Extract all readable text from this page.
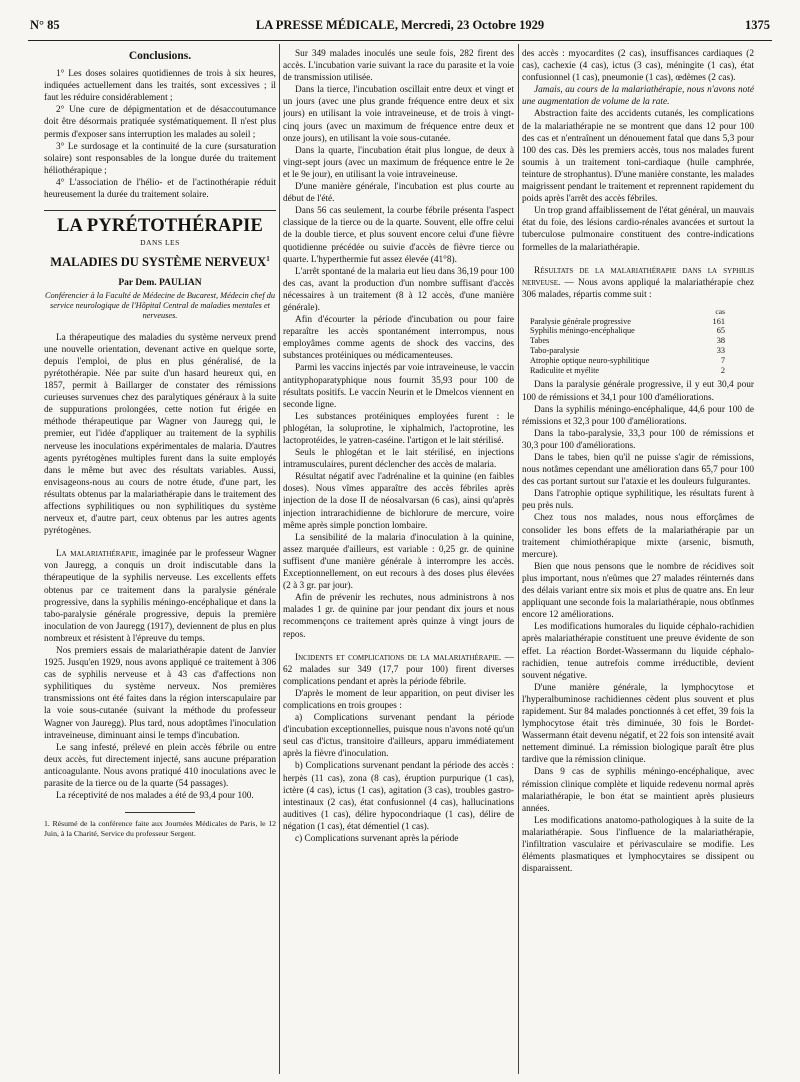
N° 85	LA PRESSE MÉDICALE, Mercredi, 23 Octobre 1929	1375
Conclusions.

1° Les doses solaires quotidiennes de trois à six heures, indiquées actuellement dans les traités, sont excessives ; il faut les réduire considérablement ;

2° Une cure de dépigmentation et de désaccoutumance doit être désormais pratiquée systématiquement. Il n'est plus permis d'exposer sans interruption les malades au soleil ;

3° Le surdosage et la continuité de la cure (sursaturation solaire) sont responsables de la longue durée du traitement héliothérapique ;

4° L'association de l'hélio- et de l'actinothérapie réduit heureusement la durée du traitement solaire.

LA PYRÉTOTHÉRAPIE
DANS LES
MALADIES DU SYSTÈME NERVEUX$^1$
Par Dem. PAULIAN
Conférencier à la Faculté de Médecine de Bucarest, Médecin chef du service neurologique de l'Hôpital Central de maladies mentales et nerveuses.

La thérapeutique des maladies du système nerveux prend une nouvelle orientation, devenant active en quelque sorte, depuis l'emploi, de plus en plus généralisé, de la pyrétothérapie. Née par suite d'un hasard heureux qui, en 1857, permit à Baillarger de constater des rémissions curieuses survenues chez des paralytiques généraux à la suite de suppurations prolongées, cette notion fut érigée en méthode thérapeutique par Wagner von Jauregg qui, le premier, eut l'idée d'appliquer au traitement de la syphilis nerveuse les inoculations expérimentales de malaria. D'autres agents pyrétogènes multiples furent dans la suite employés dans le même but avec des résultats variables. Aussi, envisageons-nous au cours de notre étude, d'une part, les résultats obtenus par la malariathérapie dans le traitement des affections syphilitiques ou non syphilitiques du système nerveux et, d'autre part, ceux obtenus par les autres agents pyrétogènes.

La malariathérapie, imaginée par le professeur Wagner von Jauregg, a conquis un droit indiscutable dans la thérapeutique de la syphilis nerveuse. Les excellents effets obtenus par ce traitement dans la paralysie générale progressive, dans la syphilis méningo-encéphalique et dans la tabo-paralysie générale progressive, depuis la première inoculation de von Jauregg (1917), deviennent de plus en plus nombreux et résistent à l'épreuve du temps.

Nos premiers essais de malariathérapie datent de Janvier 1925. Jusqu'en 1929, nous avons appliqué ce traitement à 306 cas de syphilis nerveuse et à 43 cas d'affections non syphilitiques du système nerveux. Nos premières transmissions ont été faites dans la région interscapulaire par la voie sous-cutanée (suivant la méthode du professeur Wagner von Jauregg). Plus tard, nous adoptâmes l'inoculation intraveineuse, diminuant ainsi le temps d'incubation.

Le sang infesté, prélevé en plein accès fébrile ou entre deux accès, fut directement injecté, sans aucune préparation anticoagulante. Nous avons pratiqué 410 inoculations avec le parasite de la tierce ou de la quarte (54 passages).

La réceptivité de nos malades a été de 93,4 pour 100.

1. Résumé de la conférence faite aux Journées Médicales de Paris, le 12 Juin, à la Charité, Service du professeur Sergent.

Sur 349 malades inoculés une seule fois, 282 firent des accès. L'incubation varie suivant la race du parasite et la voie de transmission utilisée.

Dans la tierce, l'incubation oscillait entre deux et vingt et un jours (avec une plus grande fréquence entre deux et six jours) en utilisant la voie intraveineuse, et de trois à vingt-cinq jours (avec un maximum de fréquence entre deux et onze jours), en utilisant la voie sous-cutanée.

Dans la quarte, l'incubation était plus longue, de deux à vingt-sept jours (avec un maximum de fréquence entre le 2e et le 9e jour), en utilisant la voie intraveineuse.

D'une manière générale, l'incubation est plus courte au début de l'été.

Dans 56 cas seulement, la courbe fébrile présenta l'aspect classique de la tierce ou de la quarte. Souvent, elle offre celui de la double tierce, et plus souvent encore celui d'une fièvre quotidienne précédée ou suivie d'accès de fièvre tierce ou quarte. L'hyperthermie fut assez élevée (41°8).

L'arrêt spontané de la malaria eut lieu dans 36,19 pour 100 des cas, avant la production d'un nombre suffisant d'accès nécessaires à un traitement (8 à 12 accès, d'une manière générale).

Afin d'écourter la période d'incubation ou pour faire reparaître les accès spontanément interrompus, nous employâmes comme agents de shock des vaccins, des substances protéiniques ou médicamenteuses.

Parmi les vaccins injectés par voie intraveineuse, le vaccin antityphoparatyphique nous fournit 35,93 pour 100 de résultats positifs. Le vaccin Neurin et le Dmelcos viennent en seconde ligne.

Les substances protéiniques employées furent : le phlogétan, la soluprotine, le xiphalmich, l'actoprotine, les lactoprotéides, le yatren-caséine. l'artigon et le lait stérilisé.

Seuls le phlogétan et le lait stérilisé, en injections intramusculaires, purent déclencher des accès de malaria.

Résultat négatif avec l'adrénaline et la quinine (en faibles doses). Nous vîmes apparaître des accès fébriles après injection de la dose II de néosalvarsan (6 cas), ainsi qu'après injection intrarachidienne de bichlorure de mercure, voire même après simple ponction lombaire.

La sensibilité de la malaria d'inoculation à la quinine, assez marquée d'ailleurs, est variable : 0,25 gr. de quinine suffisent d'une manière générale à interrompre les accès. Exceptionnellement, on eut recours à des doses plus élevées (2 à 3 gr. par jour).

Afin de prévenir les rechutes, nous administrons à nos malades 1 gr. de quinine par jour pendant dix jours et nous recommençons ce traitement après quinze à vingt jours de repos.

Incidents et complications de la malariathérapie. — 62 malades sur 349 (17,7 pour 100) firent diverses complications pendant et après la période fébrile.

D'après le moment de leur apparition, on peut diviser les complications en trois groupes :

a) Complications survenant pendant la période d'incubation exceptionnelles, puisque nous n'avons noté qu'un seul cas d'ictus, transitoire d'ailleurs, apparu immédiatement après la fièvre d'inoculation.

b) Complications survenant pendant la période des accès : herpès (11 cas), zona (8 cas), éruption purpurique (1 cas), ictère (4 cas), ictus (1 cas), agitation (3 cas), troubles gastro-intestinaux (2 cas), état confusionnel (4 cas), hallucinations auditives (1 cas), délire hypocondriaque (1 cas), délire de négation (1 cas), état démentiel (1 cas).

c) Complications survenant après la période

des accès : myocardites (2 cas), insuffisances cardiaques (2 cas), cachexie (4 cas), ictus (3 cas), méningite (1 cas), état confusionnel (1 cas), pneumonie (1 cas), œdèmes (2 cas).

Jamais, au cours de la malariathérapie, nous n'avons noté une augmentation de volume de la rate.

Abstraction faite des accidents cutanés, les complications de la malariathérapie ne se montrent que dans 12 pour 100 des cas et n'entraînent un dénouement fatal que dans 5,3 pour 100 des cas. Dès les premiers accès, tous nos malades furent soumis à un traitement toni-cardiaque (huile camphrée, teinture de strophantus). D'une manière constante, les malades maigrissent pendant le traitement et reprennent rapidement du poids après l'arrêt des accès fébriles.

Un trop grand affaiblissement de l'état général, un mauvais état du foie, des lésions cardio-rénales avancées et surtout la tuberculose pulmonaire constituent des contre-indications formelles de la malariathérapie.

Résultats de la malariathérapie dans la syphilis nerveuse. — Nous avons appliqué la malariathérapie chez 306 malades, répartis comme suit :

cas
Paralysie générale progressive	161
Syphilis méningo-encéphalique	65
Tabes	38
Tabo-paralysie	33
Atrophie optique neuro-syphilitique	7
Radiculite et myélite	2

Dans la paralysie générale progressive, il y eut 30,4 pour 100 de rémissions et 34,1 pour 100 d'améliorations.

Dans la syphilis méningo-encéphalique, 44,6 pour 100 de rémissions et 32,3 pour 100 d'améliorations.

Dans la tabo-paralysie, 33,3 pour 100 de rémissions et 30,3 pour 100 d'améliorations.

Dans le tabes, bien qu'il ne puisse s'agir de rémissions, nous notâmes cependant une amélioration dans 65,7 pour 100 des cas portant surtout sur l'ataxie et les douleurs fulgurantes.

Dans l'atrophie optique syphilitique, les résultats furent à peu près nuls.

Chez tous nos malades, nous nous efforçâmes de consolider les bons effets de la malariathérapie par un traitement chimiothérapique mixte (arsenic, bismuth, mercure).

Bien que nous pensons que le nombre de récidives soit plus important, nous n'eûmes que 27 malades réinternés dans des délais variant entre six mois et plus de quatre ans. En leur appliquant une seconde fois la malariathérapie, nous obtînmes encore 12 améliorations.

Les modifications humorales du liquide céphalo-rachidien après malariathérapie constituent une preuve évidente de son effet. La réaction Bordet-Wassermann du liquide céphalo-rachidien, tenue autrefois comme irréductible, devient souvent négative.

D'une manière générale, la lymphocytose et l'hyperalbuminose rachidiennes cèdent plus souvent et plus rapidement. Sur 84 malades ponctionnés à cet effet, 39 fois la lymphocytose était très diminuée, 30 fois le Bordet-Wassermann était devenu négatif, et 22 fois son intensité avait nettement diminué. La rémission biologique paraît être plus tardive que la rémission clinique.

Dans 9 cas de syphilis méningo-encéphalique, avec rémission clinique complète et liquide redevenu normal après malariathérapie, le bon état se maintient après plusieurs années.

Les modifications anatomo-pathologiques à la suite de la malariathérapie. Sous l'influence de la malariathérapie, l'infiltration vasculaire et périvasculaire se modifie. Les éléments plasmatiques et lymphocytaires se dissipent ou disparaissent.
